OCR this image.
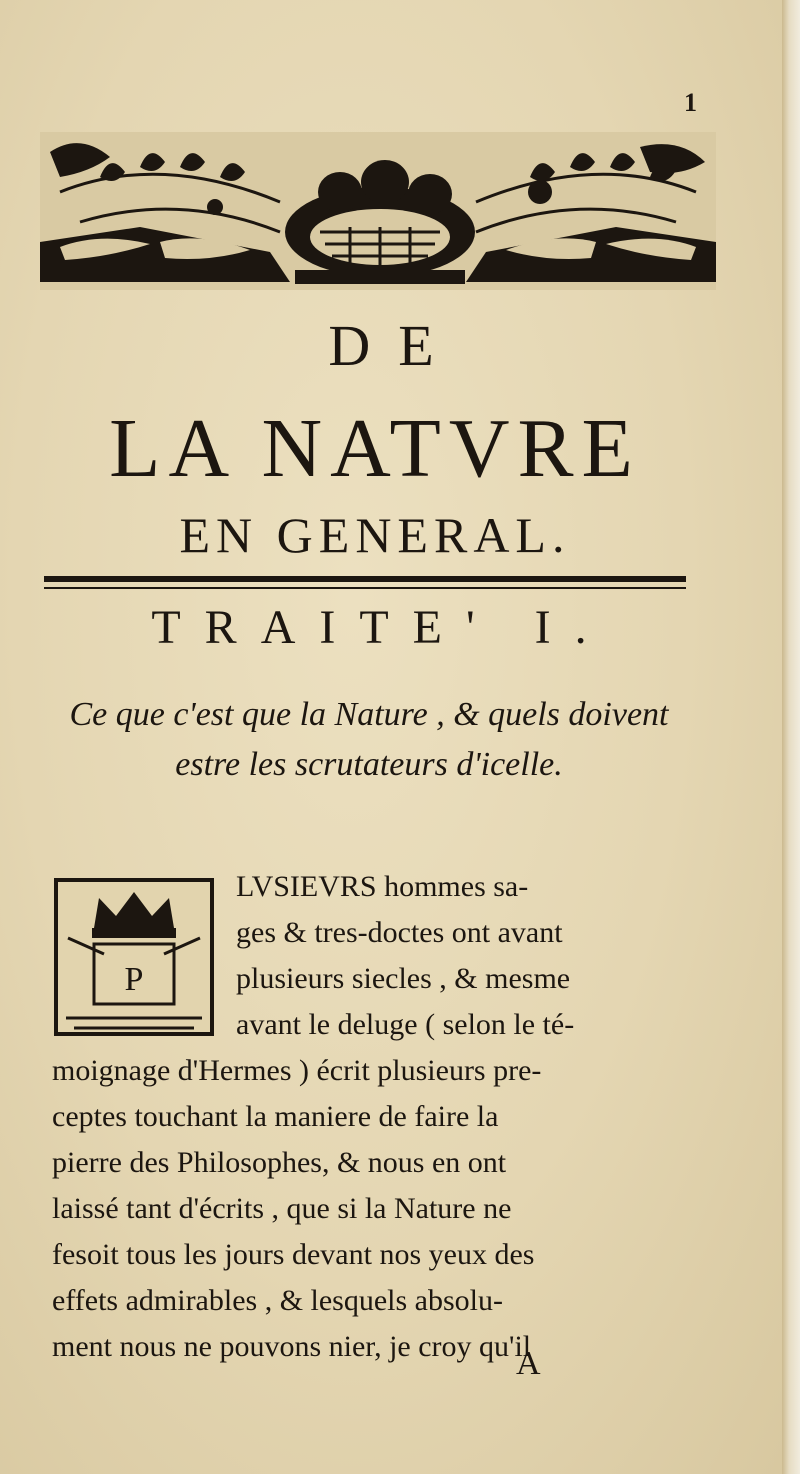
1
DE
LA NATVRE
EN GENERAL.
TRAITE' I.

Ce que c'est que la Nature , & quels doivent estre les scrutateurs d'icelle.

P
LVSIEVRS hommes sa-
ges & tres-doctes ont avant
plusieurs siecles , & mesme
avant le deluge ( selon le té-
moignage d'Hermes ) écrit plusieurs pre-
ceptes touchant la maniere de faire la
pierre des Philosophes, & nous en ont
laissé tant d'écrits , que si la Nature ne
fesoit tous les jours devant nos yeux des
effets admirables , & lesquels absolu-
ment nous ne pouvons nier, je croy qu'il
A
